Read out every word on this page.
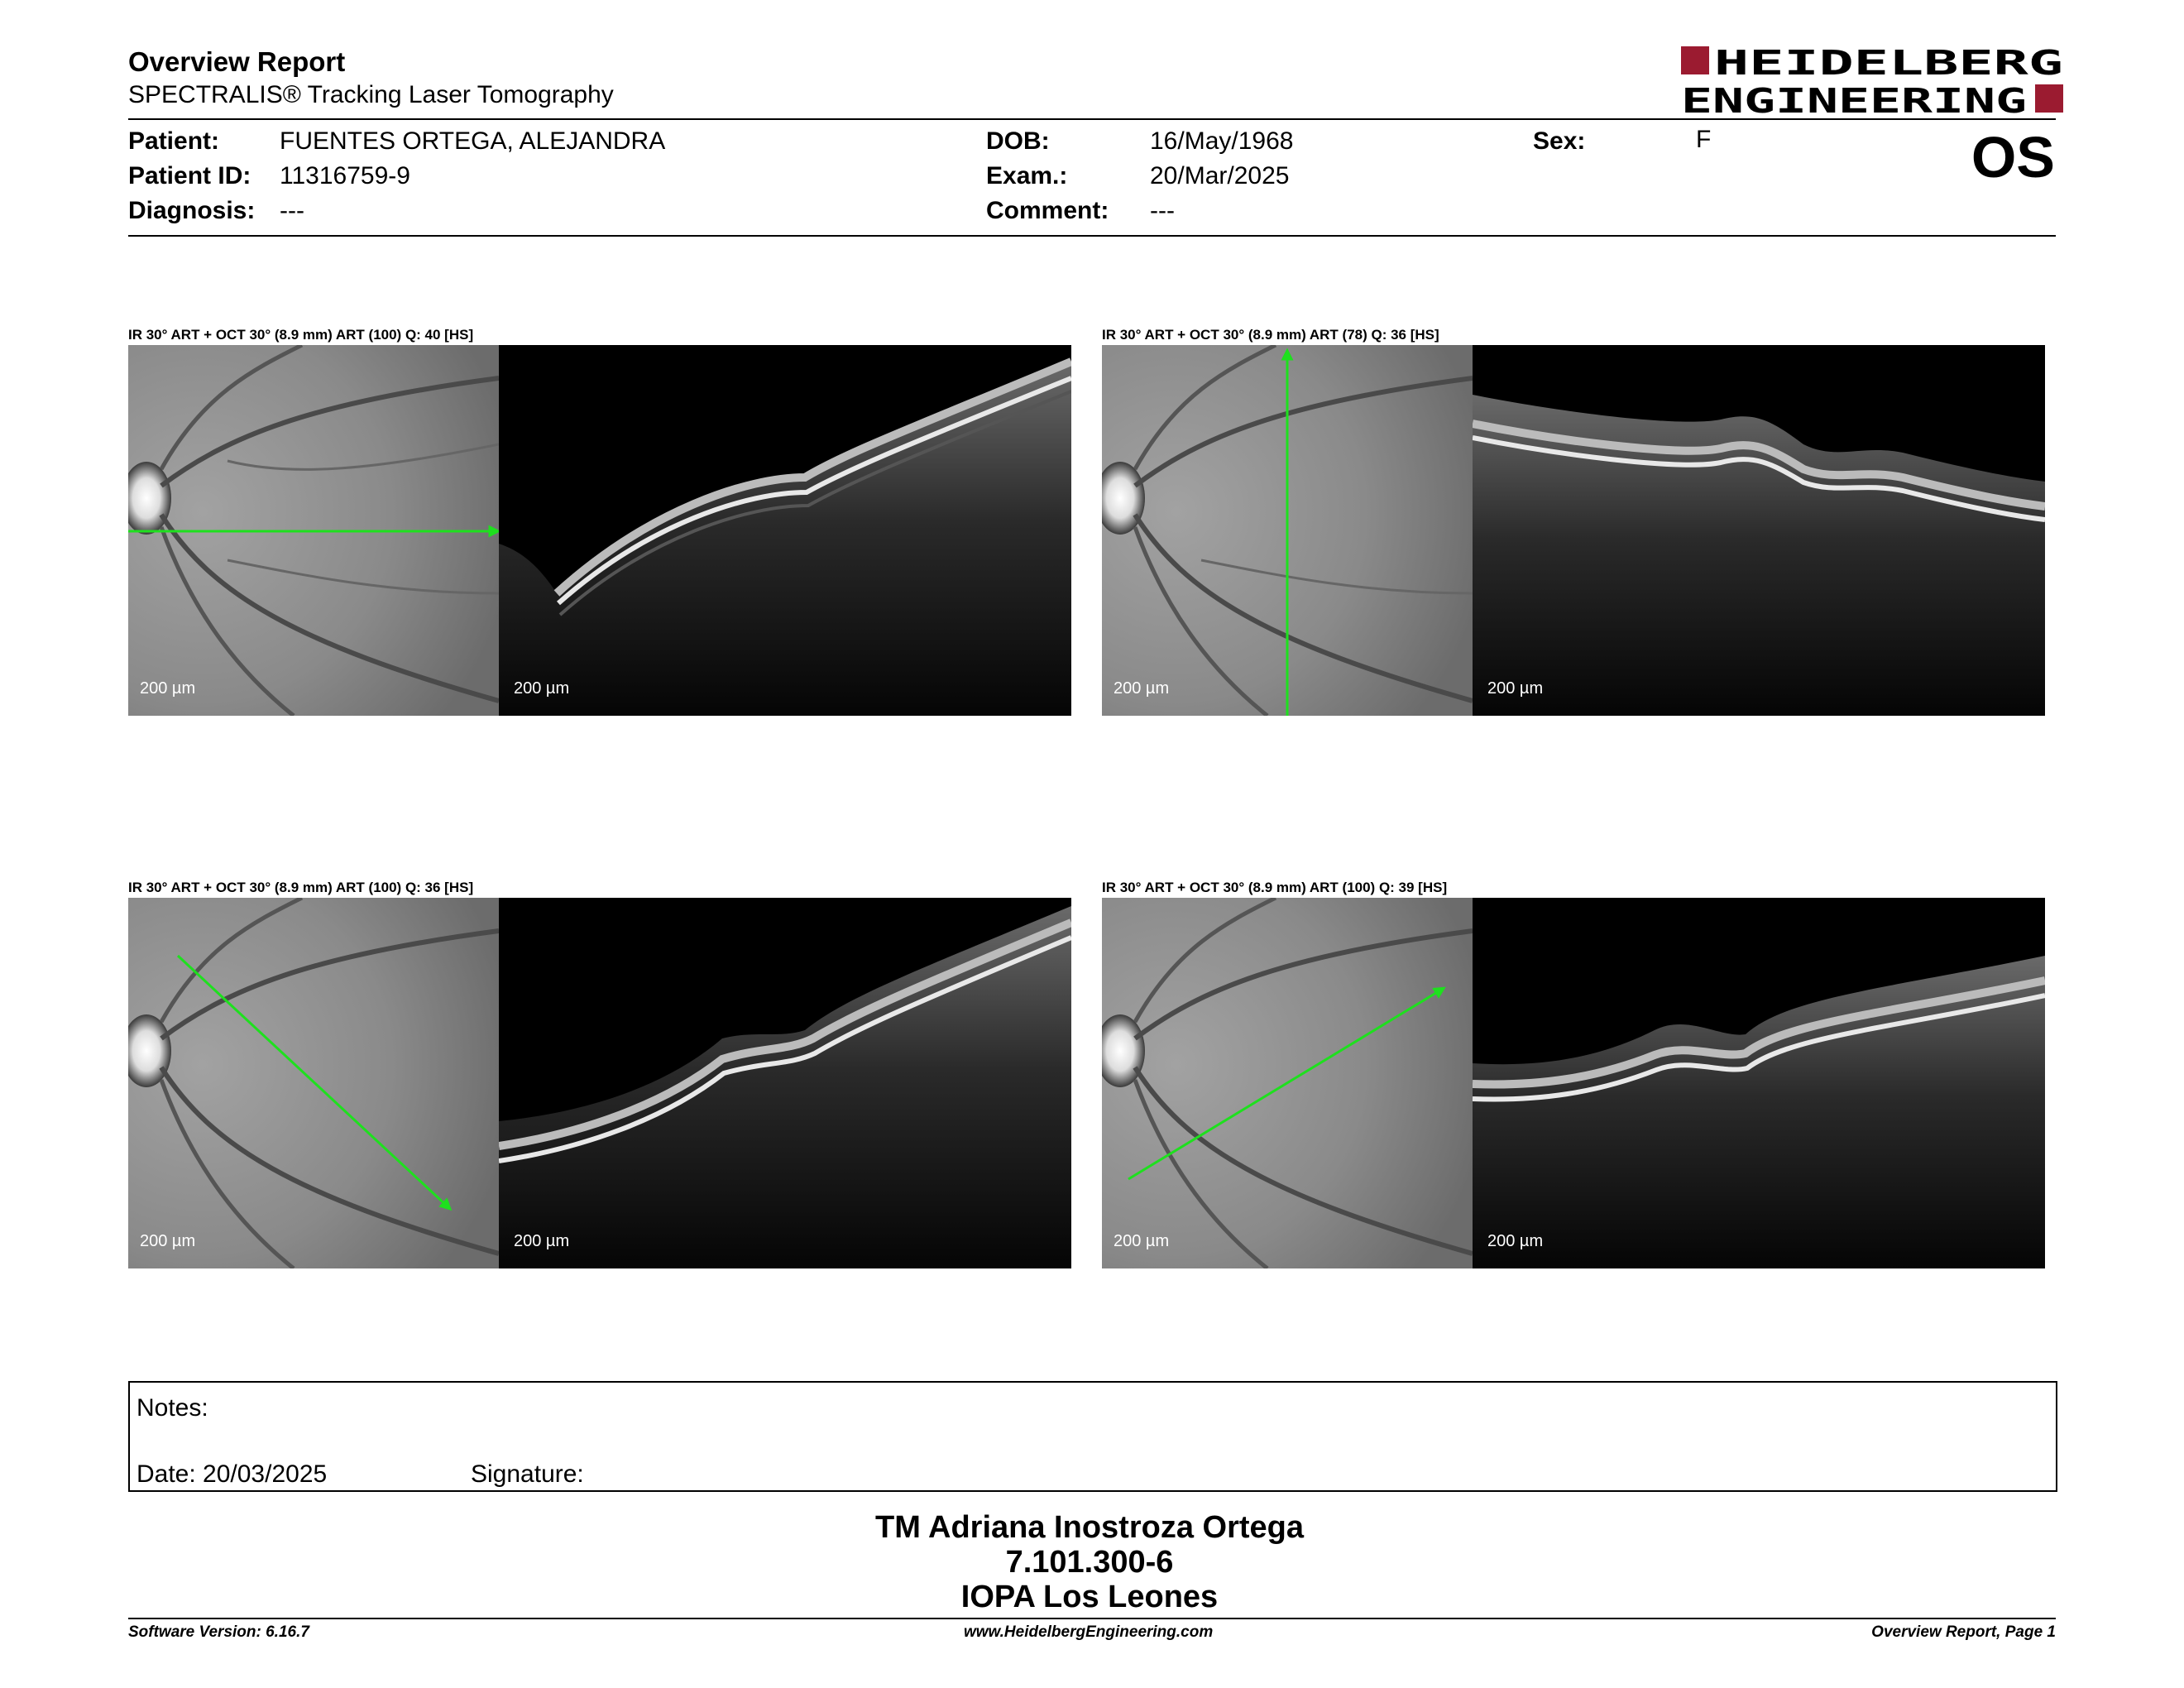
Overview Report
SPECTRALIS® Tracking Laser Tomography
HEIDELBERG
ENGINEERING
Patient: FUENTES ORTEGA, ALEJANDRA
Patient ID: 11316759-9
Diagnosis: ---
DOB:	16/May/1968
Exam.:	20/Mar/2025
Comment: ---
Sex:	F	OS
IR 30° ART + OCT 30° (8.9 mm) ART (100) Q: 40 [HS]	IR 30° ART + OCT 30° (8.9 mm) ART (78) Q: 36 [HS]
IR 30° ART + OCT 30° (8.9 mm) ART (100) Q: 36 [HS]	IR 30° ART + OCT 30° (8.9 mm) ART (100) Q: 39 [HS]
200 µm	200 µm	200 µm	200 µm
200 µm	200 µm	200 µm	200 µm
Notes:
Date: 20/03/2025	Signature:
TM Adriana Inostroza Ortega
7.101.300-6
IOPA Los Leones
Software Version: 6.16.7	www.HeidelbergEngineering.com	Overview Report, Page 1
